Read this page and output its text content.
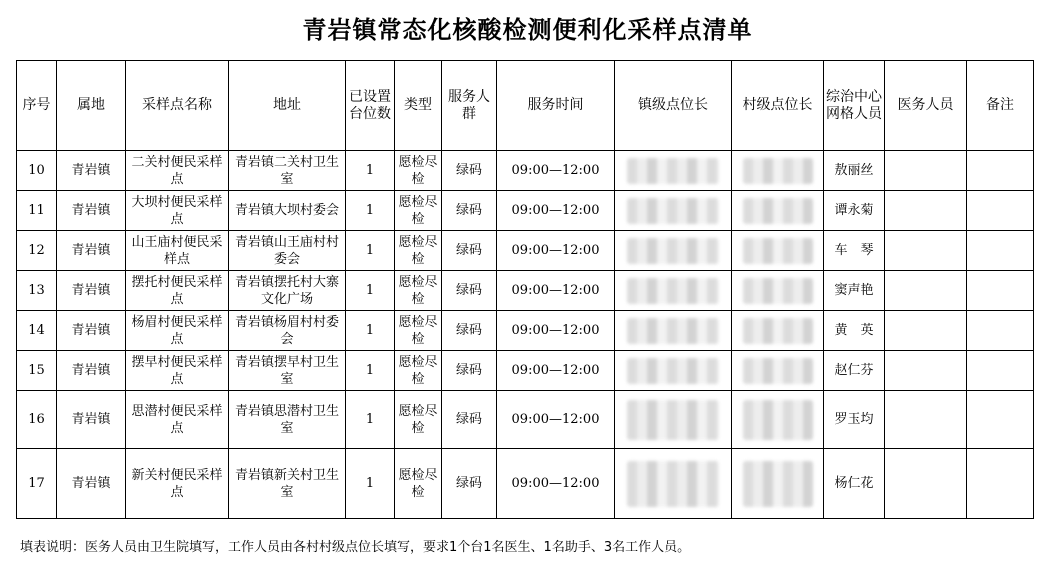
青岩镇常态化核酸检测便利化采样点清单
序号	属地	采样点名称	地址	已设置台位数	类型	服务人群	服务时间	镇级点位长	村级点位长	综治中心网格人员	医务人员	备注
10	青岩镇	二关村便民采样点	青岩镇二关村卫生室	1	愿检尽检	绿码	09:00—12:00			敖丽丝		
11	青岩镇	大坝村便民采样点	青岩镇大坝村委会	1	愿检尽检	绿码	09:00—12:00			谭永菊		
12	青岩镇	山王庙村便民采样点	青岩镇山王庙村村委会	1	愿检尽检	绿码	09:00—12:00			车　琴		
13	青岩镇	摆托村便民采样点	青岩镇摆托村大寨文化广场	1	愿检尽检	绿码	09:00—12:00			窦声艳		
14	青岩镇	杨眉村便民采样点	青岩镇杨眉村村委会	1	愿检尽检	绿码	09:00—12:00			黄　英		
15	青岩镇	摆早村便民采样点	青岩镇摆早村卫生室	1	愿检尽检	绿码	09:00—12:00			赵仁芬		
16	青岩镇	思潜村便民采样点	青岩镇思潜村卫生室	1	愿检尽检	绿码	09:00—12:00			罗玉均		
17	青岩镇	新关村便民采样点	青岩镇新关村卫生室	1	愿检尽检	绿码	09:00—12:00			杨仁花		
填表说明：医务人员由卫生院填写，工作人员由各村村级点位长填写，要求1个台1名医生、1名助手、3名工作人员。
